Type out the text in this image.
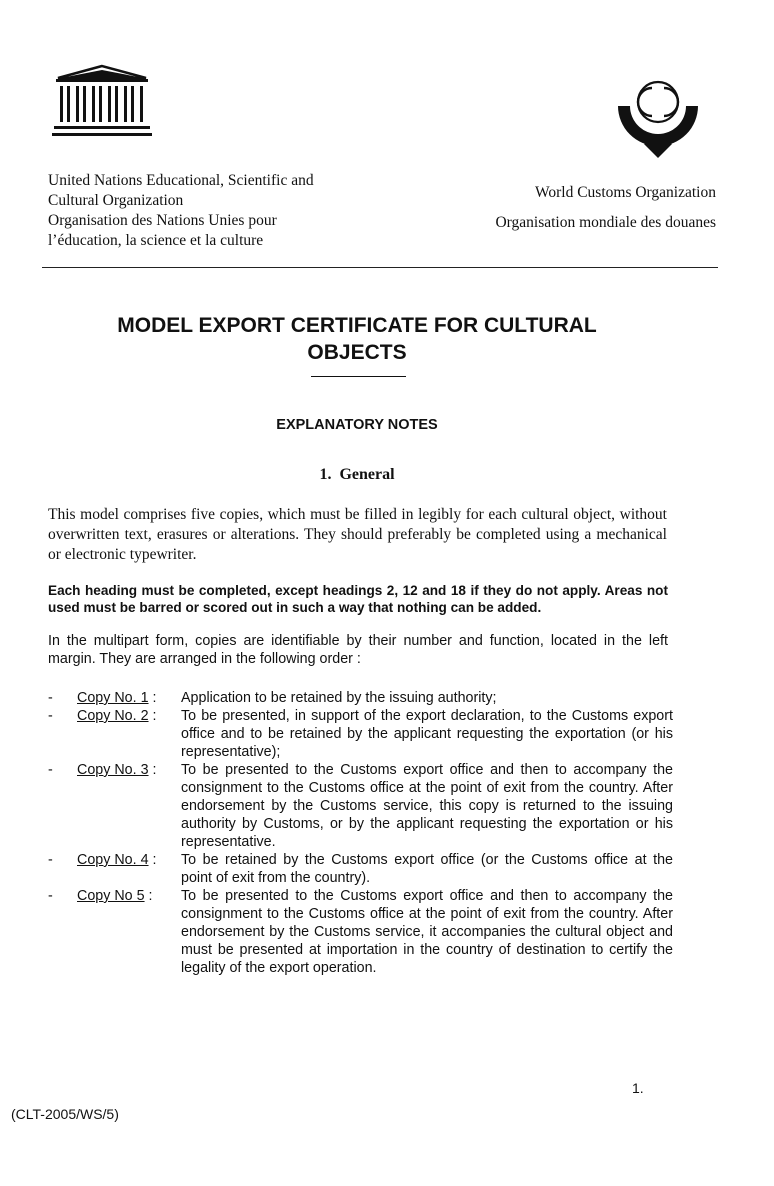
United Nations Educational, Scientific and
Cultural Organization
Organisation des Nations Unies pour
l’éducation, la science et la culture
World Customs Organization
Organisation mondiale des douanes
MODEL EXPORT CERTIFICATE FOR CULTURAL
OBJECTS
EXPLANATORY NOTES
1.  General
This model comprises five copies, which must be filled in legibly for each cultural object, without overwritten text, erasures or alterations. They should preferably be completed using a mechanical or electronic typewriter.
Each heading must be completed, except headings 2, 12 and 18 if they do not apply. Areas not used must be barred or scored out in such a way that nothing can be added.
In the multipart form, copies are identifiable by their number and function, located in the left margin. They are arranged in the following order :
-	Copy No. 1 :	Application to be retained by the issuing authority;
-	Copy No. 2 :	To be presented, in support of the export declaration, to the Customs export office and to be retained by the applicant requesting the exportation (or his representative);
-	Copy No. 3 :	To be presented to the Customs export office and then to accompany the consignment to the Customs office at the point of exit from the country. After endorsement by the Customs service, this copy is returned to the issuing authority by Customs, or by the applicant requesting the exportation or his representative.
-	Copy No. 4 :	To be retained by the Customs export office (or the Customs office at the point of exit from the country).
-	Copy No 5 :	To be presented to the Customs export office and then to accompany the consignment to the Customs office at the point of exit from the country. After endorsement by the Customs service, it accompanies the cultural object and must be presented at importation in the country of destination to certify the legality of the export operation.
1.
(CLT-2005/WS/5)
